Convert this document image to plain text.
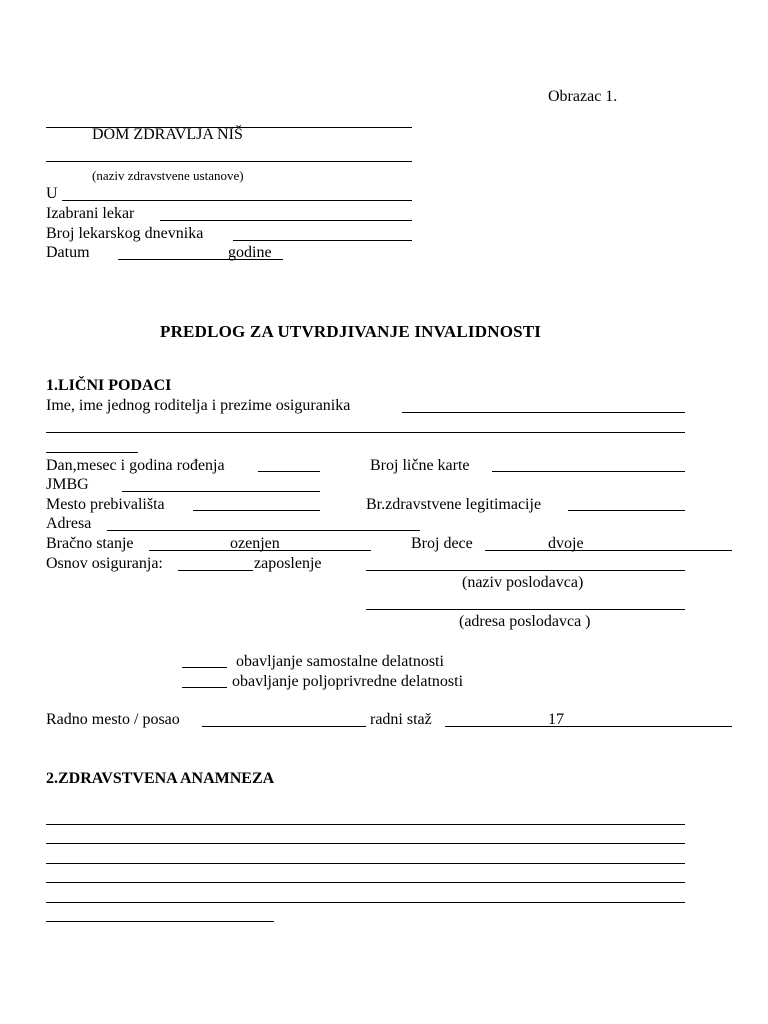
Obrazac 1.
DOM ZDRAVLJA NIŠ
(naziv zdravstvene ustanove)
U
Izabrani lekar
Broj lekarskog dnevnika
Datum	godine
PREDLOG ZA UTVRDJIVANJE INVALIDNOSTI
1.LIČNI PODACI
Ime, ime jednog roditelja i prezime osiguranika
Dan,mesec i godina rođenja	Broj lične karte
JMBG
Mesto prebivališta	Br.zdravstvene legitimacije
Adresa
Bračno stanje	ozenjen	Broj dece	dvoje
Osnov osiguranja:	zaposlenje
(naziv poslodavca)
(adresa poslodavca )
obavljanje samostalne delatnosti
obavljanje poljoprivredne delatnosti
Radno mesto / posao	radni staž	17
2.ZDRAVSTVENA ANAMNEZA
